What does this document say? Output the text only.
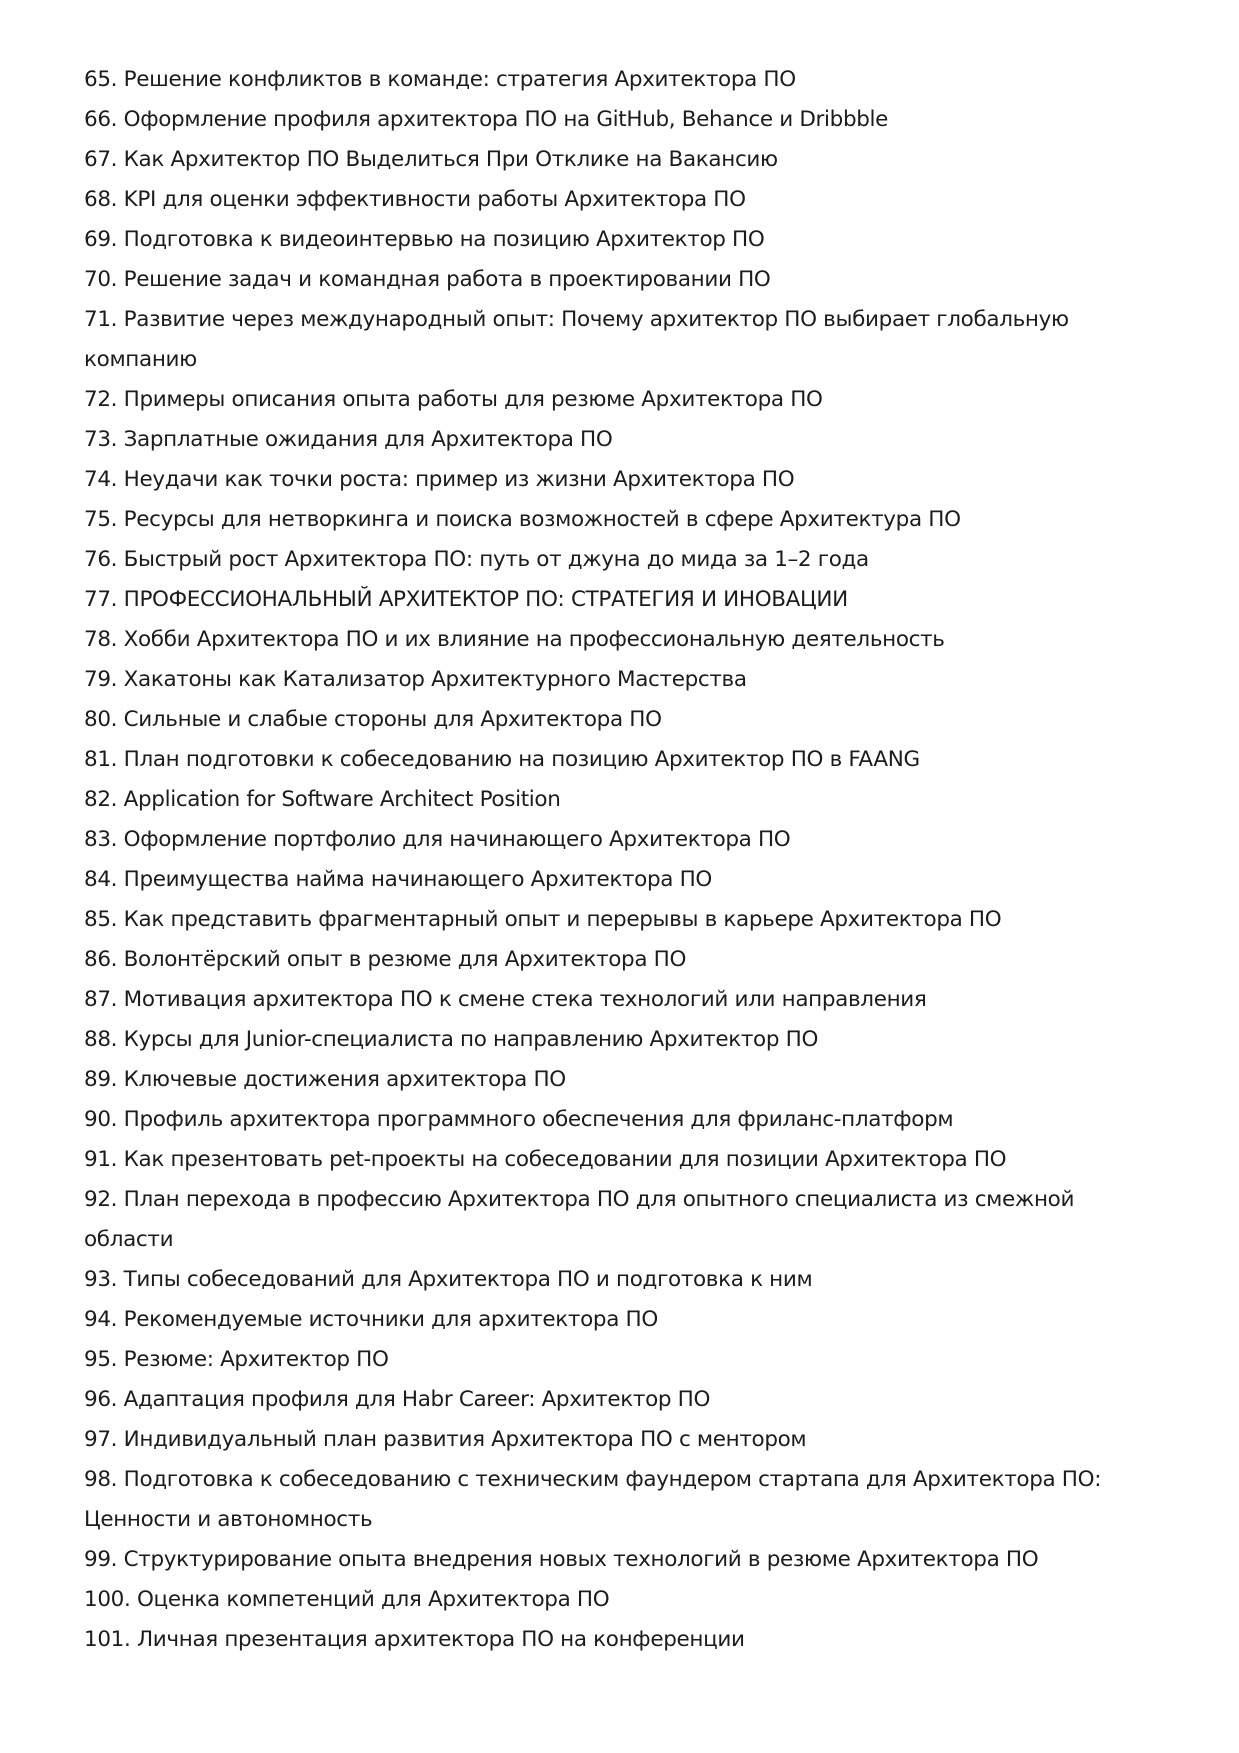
65. Решение конфликтов в команде: стратегия Архитектора ПО
66. Оформление профиля архитектора ПО на GitHub, Behance и Dribbble
67. Как Архитектор ПО Выделиться При Отклике на Вакансию
68. KPI для оценки эффективности работы Архитектора ПО
69. Подготовка к видеоинтервью на позицию Архитектор ПО
70. Решение задач и командная работа в проектировании ПО
71. Развитие через международный опыт: Почему архитектор ПО выбирает глобальную компанию
72. Примеры описания опыта работы для резюме Архитектора ПО
73. Зарплатные ожидания для Архитектора ПО
74. Неудачи как точки роста: пример из жизни Архитектора ПО
75. Ресурсы для нетворкинга и поиска возможностей в сфере Архитектура ПО
76. Быстрый рост Архитектора ПО: путь от джуна до мида за 1–2 года
77. ПРОФЕССИОНАЛЬНЫЙ АРХИТЕКТОР ПО: СТРАТЕГИЯ И ИНОВАЦИИ
78. Хобби Архитектора ПО и их влияние на профессиональную деятельность
79. Хакатоны как Катализатор Архитектурного Мастерства
80. Сильные и слабые стороны для Архитектора ПО
81. План подготовки к собеседованию на позицию Архитектор ПО в FAANG
82. Application for Software Architect Position
83. Оформление портфолио для начинающего Архитектора ПО
84. Преимущества найма начинающего Архитектора ПО
85. Как представить фрагментарный опыт и перерывы в карьере Архитектора ПО
86. Волонтёрский опыт в резюме для Архитектора ПО
87. Мотивация архитектора ПО к смене стека технологий или направления
88. Курсы для Junior-специалиста по направлению Архитектор ПО
89. Ключевые достижения архитектора ПО
90. Профиль архитектора программного обеспечения для фриланс-платформ
91. Как презентовать pet-проекты на собеседовании для позиции Архитектора ПО
92. План перехода в профессию Архитектора ПО для опытного специалиста из смежной области
93. Типы собеседований для Архитектора ПО и подготовка к ним
94. Рекомендуемые источники для архитектора ПО
95. Резюме: Архитектор ПО
96. Адаптация профиля для Habr Career: Архитектор ПО
97. Индивидуальный план развития Архитектора ПО с ментором
98. Подготовка к собеседованию с техническим фаундером стартапа для Архитектора ПО: Ценности и автономность
99. Структурирование опыта внедрения новых технологий в резюме Архитектора ПО
100. Оценка компетенций для Архитектора ПО
101. Личная презентация архитектора ПО на конференции
